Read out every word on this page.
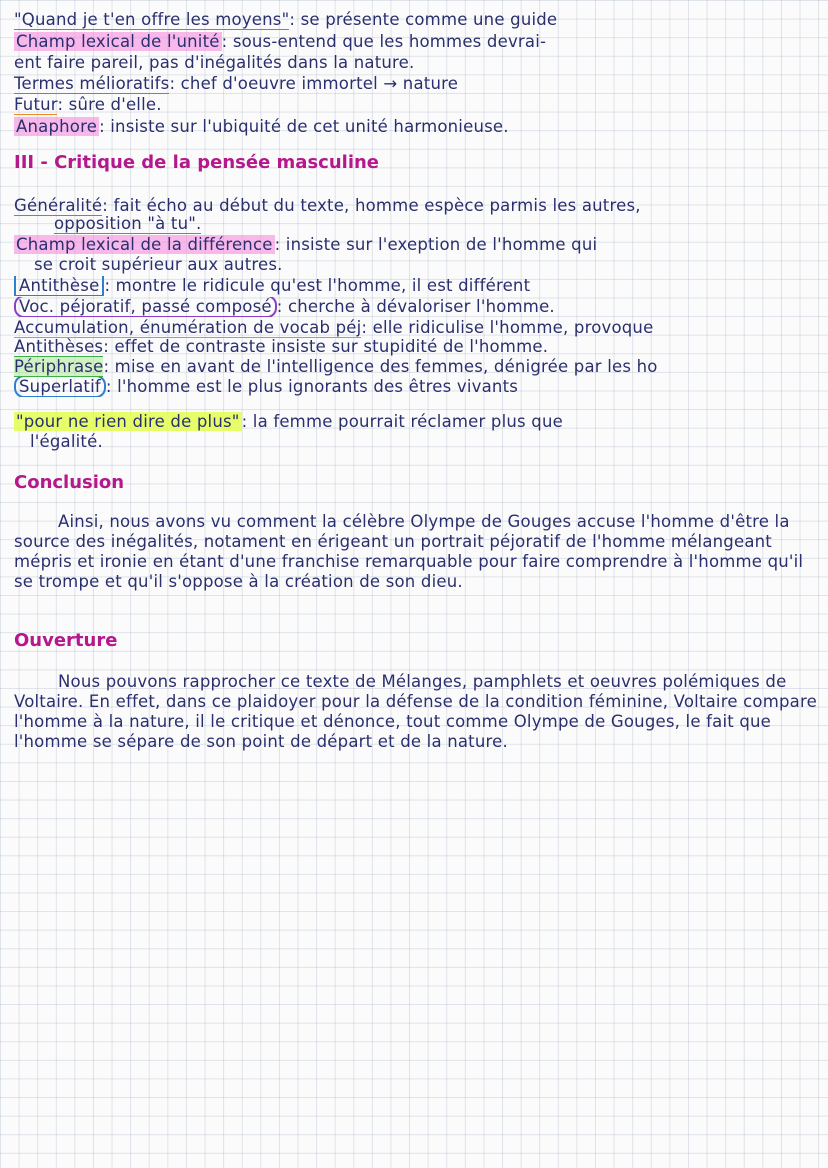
"Quand je t'en offre les moyens": se présente comme une guide
Champ lexical de l'unité : sous-entend que les hommes devrai-
ent faire pareil, pas d'inégalités dans la nature.
Termes mélioratifs: chef d'oeuvre immortel → nature
Futur: sûre d'elle.
Anaphore : insiste sur l'ubiquité de cet unité harmonieuse.
III - Critique de la pensée masculine
Généralité: fait écho au début du texte, homme espèce parmis les autres,
opposition "à tu".
Champ lexical de la différence : insiste sur l'exeption de l'homme qui
se croit supérieur aux autres.
Antithèse : montre le ridicule qu'est l'homme, il est différent
Voc. péjoratif, passé composé : cherche à dévaloriser l'homme.
Accumulation, énumération de vocab péj: elle ridiculise l'homme, provoque
Antithèses: effet de contraste insiste sur stupidité de l'homme.
Périphrase: mise en avant de l'intelligence des femmes, dénigrée par les ho
Superlatif : l'homme est le plus ignorants des êtres vivants
"pour ne rien dire de plus" : la femme pourrait réclamer plus que
l'égalité.
Conclusion
Ainsi, nous avons vu comment la célèbre Olympe de Gouges accuse l'homme d'être la source des inégalités, notament en érigeant un portrait péjoratif de l'homme mélangeant mépris et ironie en étant d'une franchise remarquable pour faire comprendre à l'homme qu'il se trompe et qu'il s'oppose à la création de son dieu.
Ouverture
Nous pouvons rapprocher ce texte de Mélanges, pamphlets et oeuvres polémiques de Voltaire. En effet, dans ce plaidoyer pour la défense de la condition féminine, Voltaire compare l'homme à la nature, il le critique et dénonce, tout comme Olympe de Gouges, le fait que l'homme se sépare de son point de départ et de la nature.
